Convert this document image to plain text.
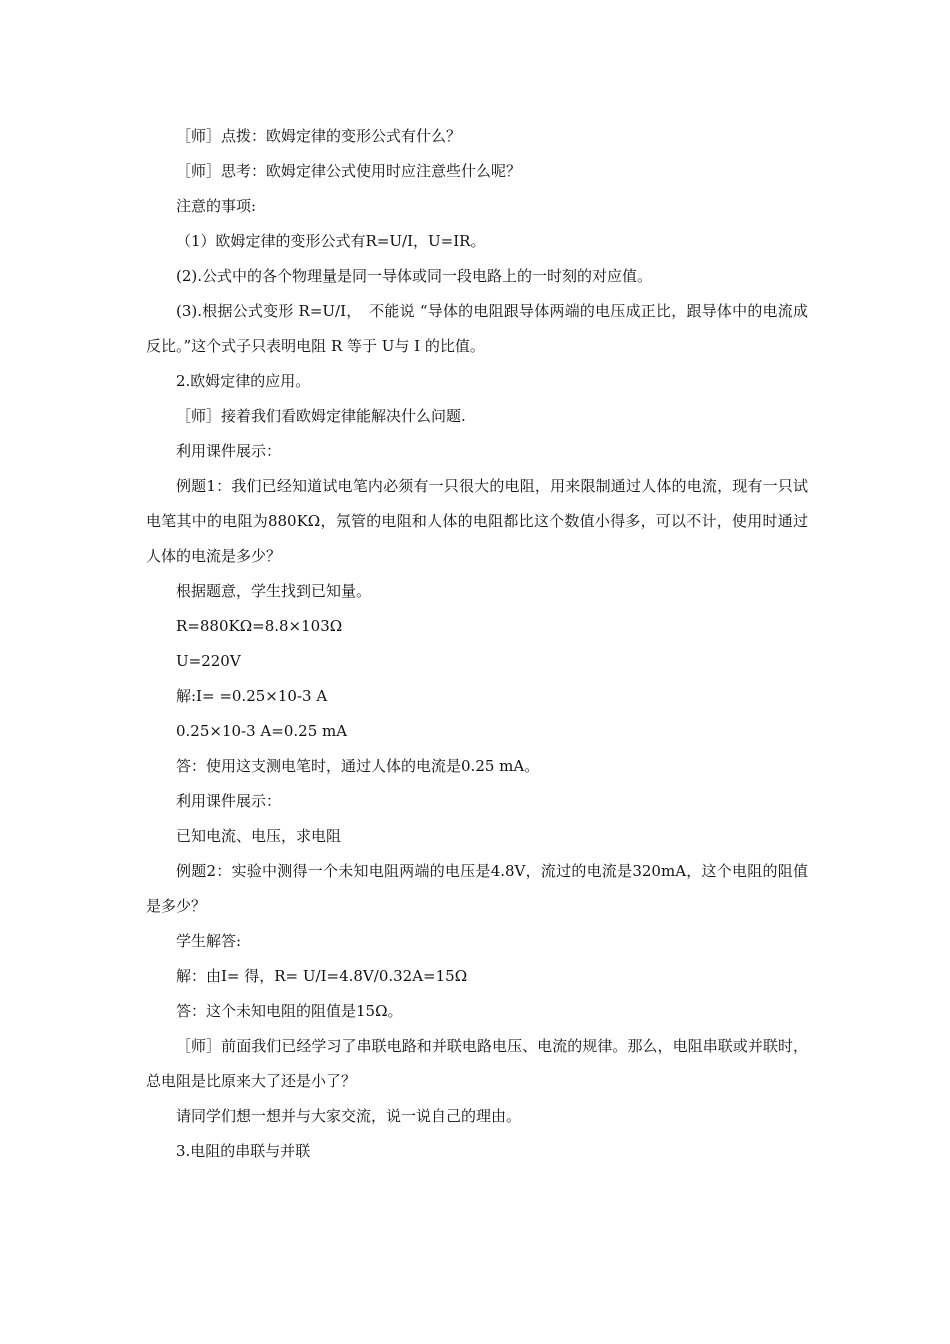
［师］点拨：欧姆定律的变形公式有什么？

［师］思考：欧姆定律公式使用时应注意些什么呢？

注意的事项:

（1）欧姆定律的变形公式有R=U/I，U=IR。

(2).公式中的各个物理量是同一导体或同一段电路上的一时刻的对应值。

(3).根据公式变形 R=U/I，　不能说 “导体的电阻跟导体两端的电压成正比，跟导体中的电流成反比。”这个式子只表明电阻 R 等于 U与 I 的比值。

2.欧姆定律的应用。

［师］接着我们看欧姆定律能解决什么问题.

利用课件展示：

例题1：我们已经知道试电笔内必须有一只很大的电阻，用来限制通过人体的电流，现有一只试电笔其中的电阻为880KΩ，氖管的电阻和人体的电阻都比这个数值小得多，可以不计，使用时通过人体的电流是多少？

根据题意，学生找到已知量。

R=880KΩ=8.8×103Ω

U=220V

解:I= =0.25×10-3 A

0.25×10-3 A=0.25 mA

答：使用这支测电笔时，通过人体的电流是0.25 mA。

利用课件展示：

已知电流、电压，求电阻

例题2：实验中测得一个未知电阻两端的电压是4.8V，流过的电流是320mA，这个电阻的阻值是多少？

学生解答:

解：由I= 得，R= U/I=4.8V/0.32A=15Ω

答：这个未知电阻的阻值是15Ω。

［师］前面我们已经学习了串联电路和并联电路电压、电流的规律。那么，电阻串联或并联时，总电阻是比原来大了还是小了？

请同学们想一想并与大家交流，说一说自己的理由。

3.电阻的串联与并联
